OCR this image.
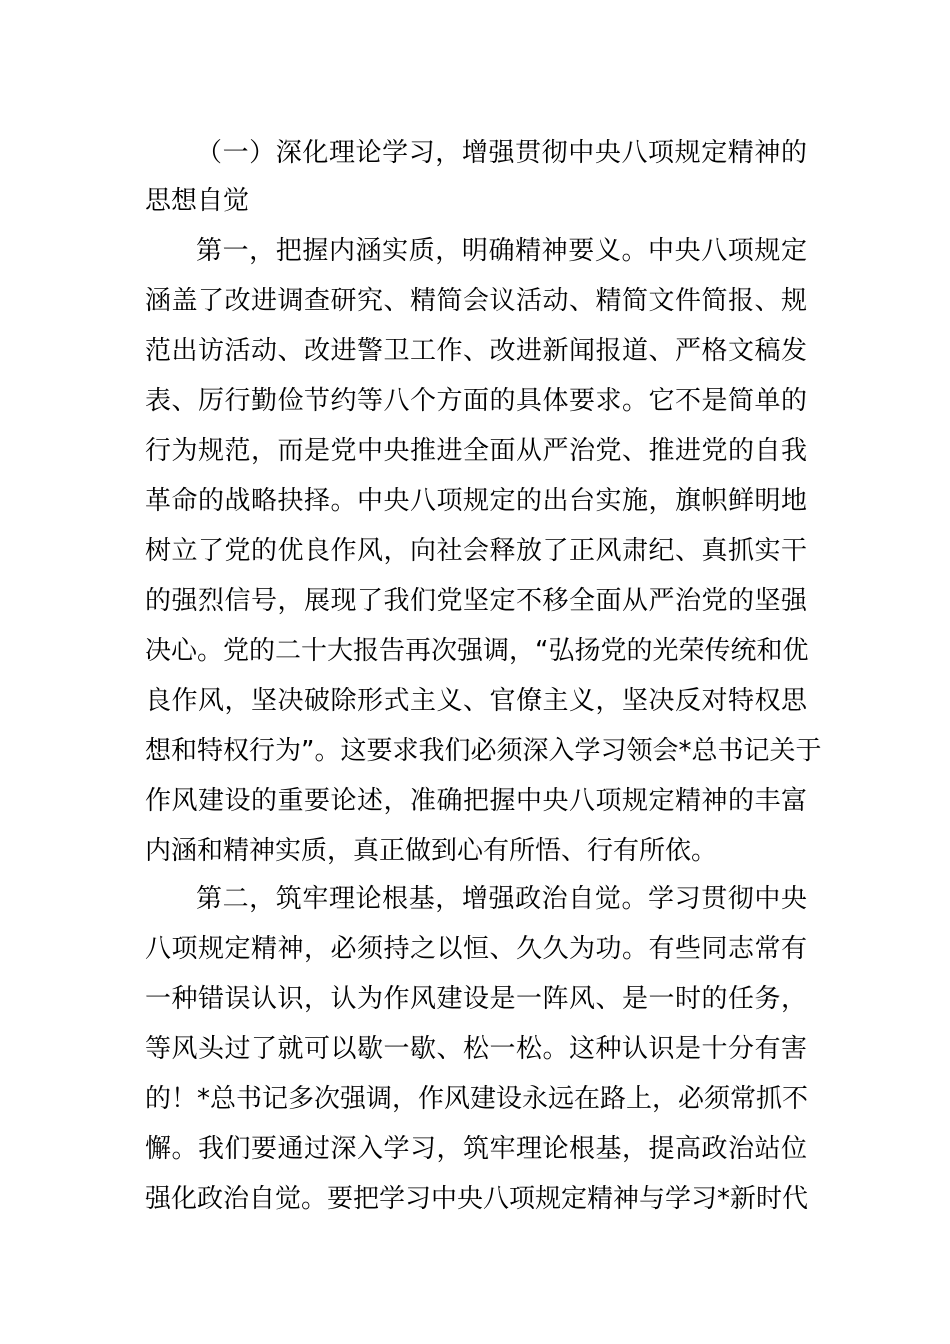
（一）深化理论学习，增强贯彻中央八项规定精神的
思想自觉
第一，把握内涵实质，明确精神要义。中央八项规定
涵盖了改进调查研究、精简会议活动、精简文件简报、规
范出访活动、改进警卫工作、改进新闻报道、严格文稿发
表、厉行勤俭节约等八个方面的具体要求。它不是简单的
行为规范，而是党中央推进全面从严治党、推进党的自我
革命的战略抉择。中央八项规定的出台实施，旗帜鲜明地
树立了党的优良作风，向社会释放了正风肃纪、真抓实干
的强烈信号，展现了我们党坚定不移全面从严治党的坚强
决心。党的二十大报告再次强调，“弘扬党的光荣传统和优
良作风，坚决破除形式主义、官僚主义，坚决反对特权思
想和特权行为”。这要求我们必须深入学习领会*总书记关于
作风建设的重要论述，准确把握中央八项规定精神的丰富
内涵和精神实质，真正做到心有所悟、行有所依。
第二，筑牢理论根基，增强政治自觉。学习贯彻中央
八项规定精神，必须持之以恒、久久为功。有些同志常有
一种错误认识，认为作风建设是一阵风、是一时的任务，
等风头过了就可以歇一歇、松一松。这种认识是十分有害
的！*总书记多次强调，作风建设永远在路上，必须常抓不
懈。我们要通过深入学习，筑牢理论根基，提高政治站位
强化政治自觉。要把学习中央八项规定精神与学习*新时代
